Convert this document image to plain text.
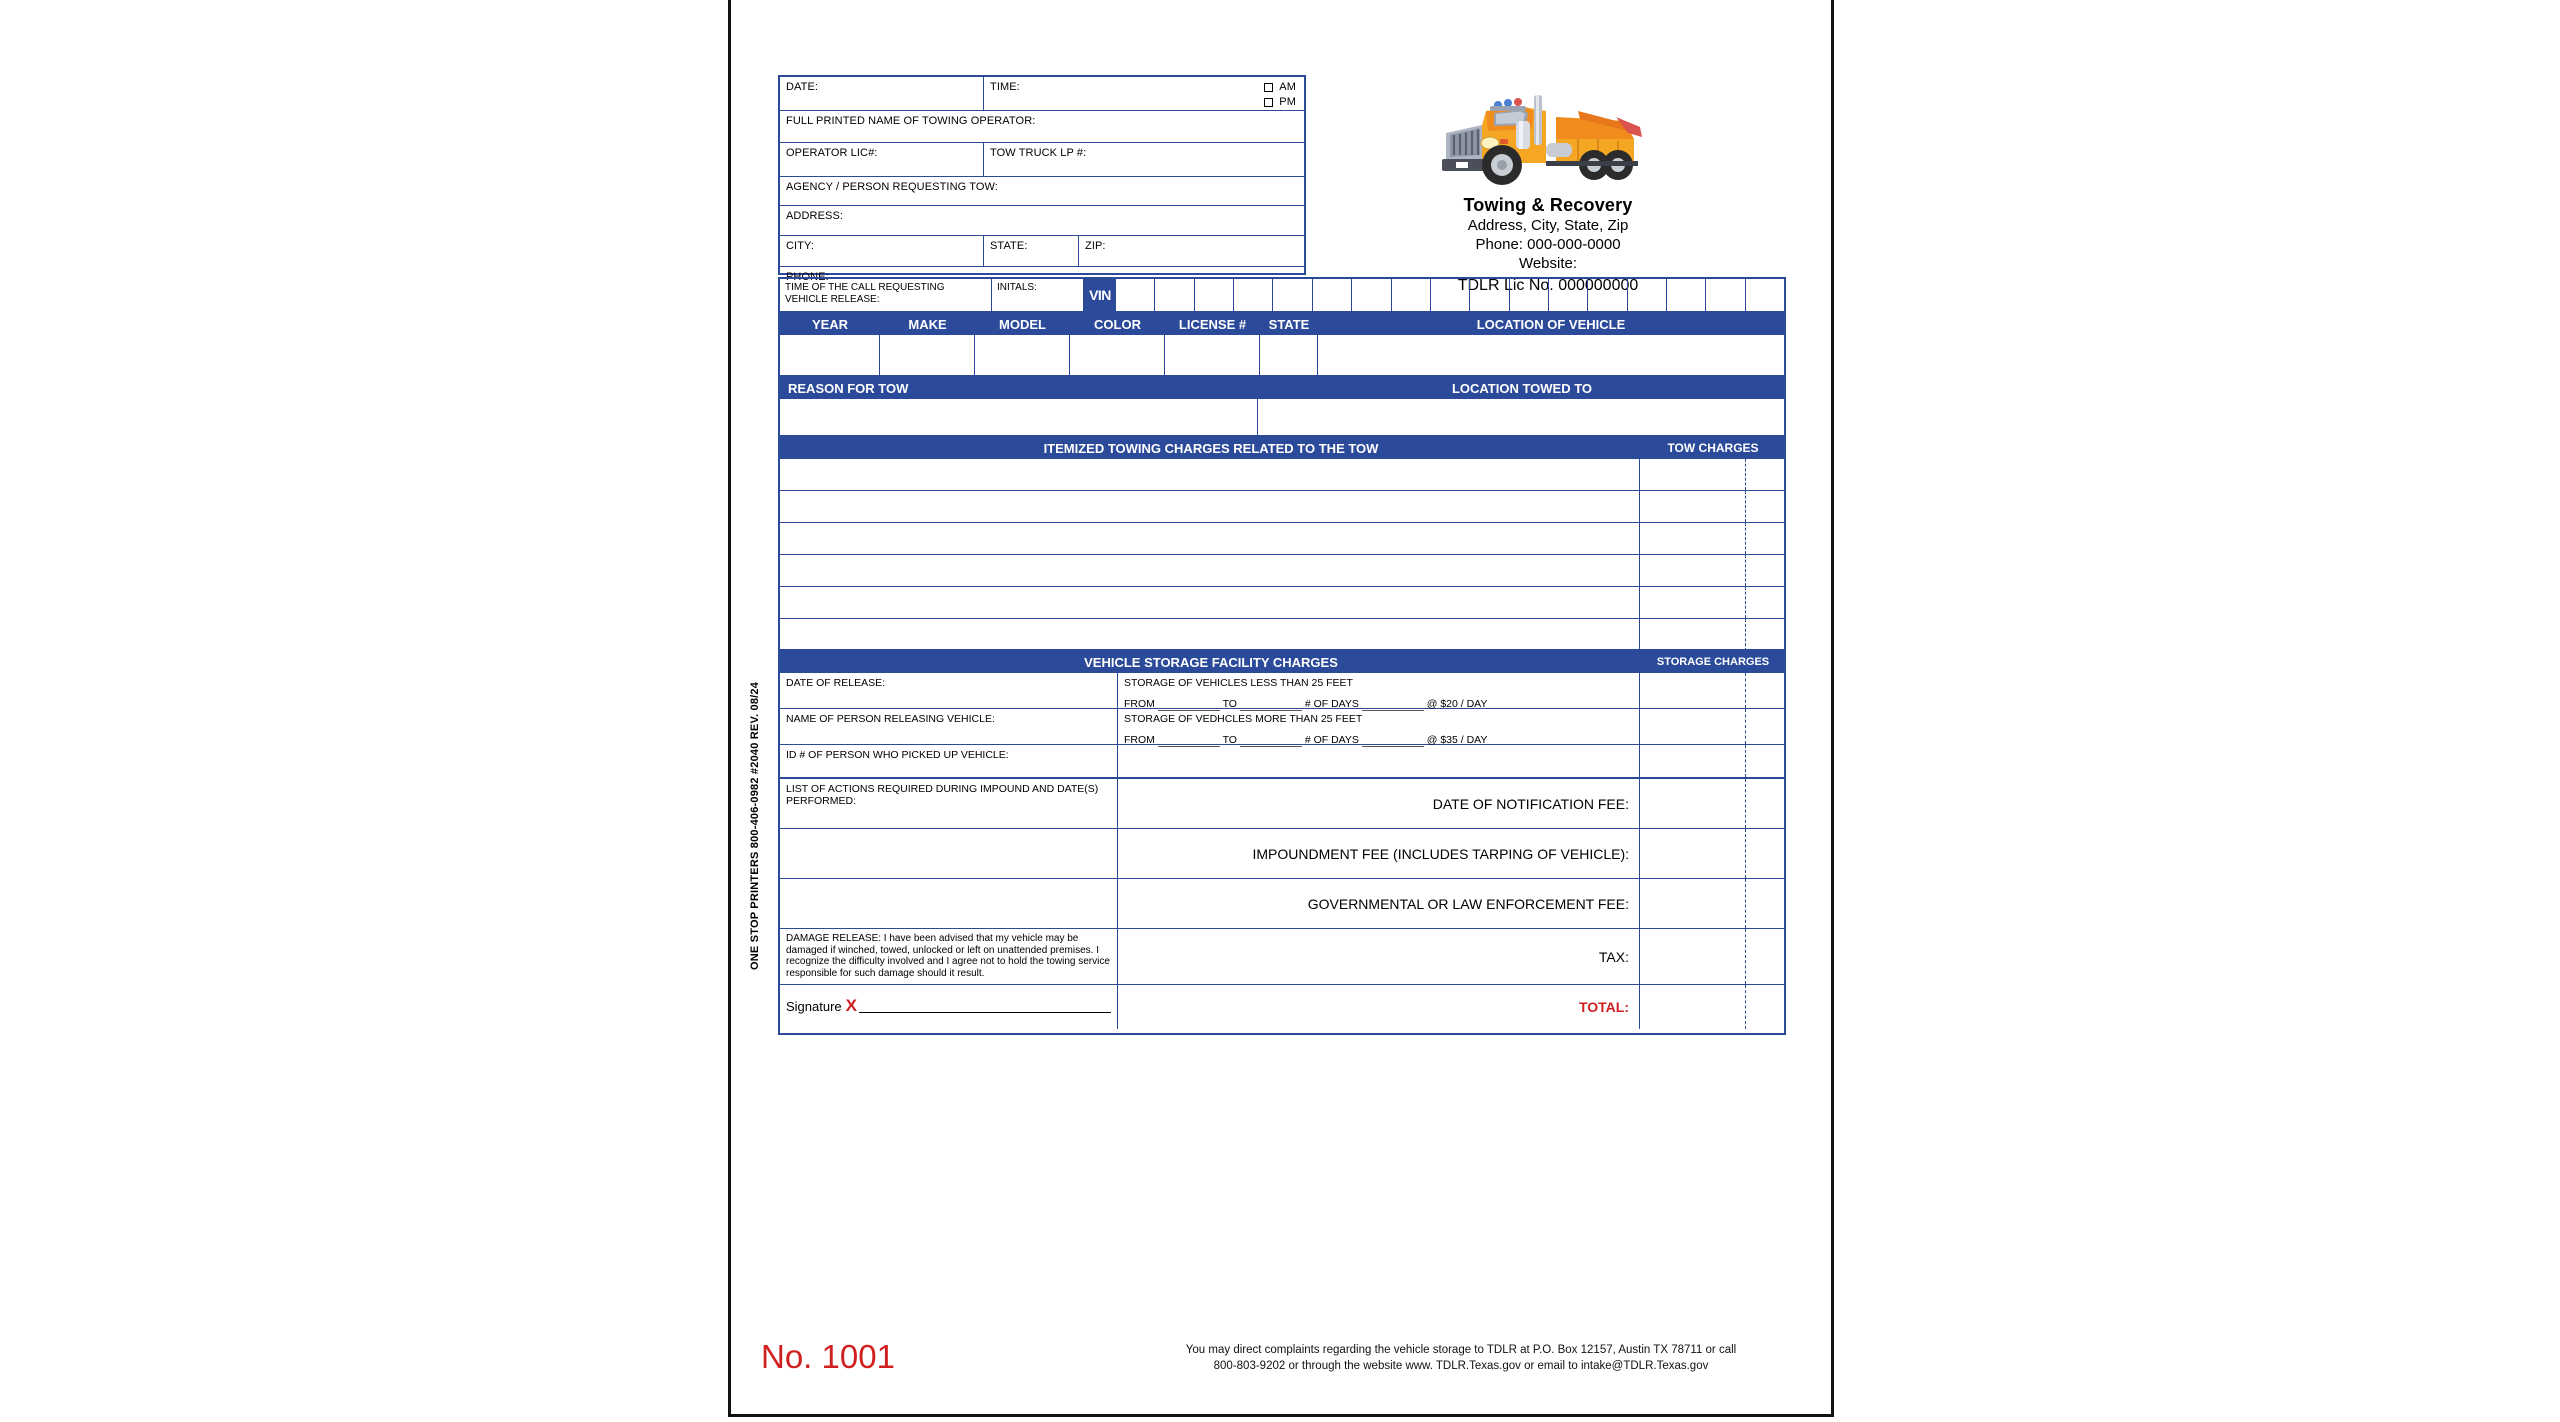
ONE STOP PRINTERS 800-406-0982 #2040 REV. 08/24
DATE:	TIME:	AM
PM
FULL PRINTED NAME OF TOWING OPERATOR:
OPERATOR LIC#:	TOW TRUCK LP #:
AGENCY / PERSON REQUESTING TOW:
ADDRESS:
CITY:	STATE:	ZIP:
PHONE:
Towing & Recovery
Address, City, State, Zip
Phone: 000-000-0000
Website:
TDLR Lic No. 000000000
TIME OF THE CALL REQUESTING
VEHICLE RELEASE:
INITALS:	VIN
YEAR	MAKE	MODEL	COLOR	LICENSE #	STATE	LOCATION OF VEHICLE
REASON FOR TOW	LOCATION TOWED TO
ITEMIZED TOWING CHARGES RELATED TO THE TOW	TOW CHARGES
VEHICLE STORAGE FACILITY CHARGES	STORAGE CHARGES
DATE OF RELEASE:	STORAGE OF VEHICLES LESS THAN 25 FEET
FROM	TO	# OF DAYS	@ $20 / DAY
NAME OF PERSON RELEASING VEHICLE:	STORAGE OF VEDHCLES MORE THAN 25 FEET
FROM	TO	# OF DAYS	@ $35 / DAY
ID # OF PERSON WHO PICKED UP VEHICLE:
LIST OF ACTIONS REQUIRED DURING IMPOUND AND DATE(S) PERFORMED:	DATE OF NOTIFICATION FEE:
IMPOUNDMENT FEE (INCLUDES TARPING OF VEHICLE):
GOVERNMENTAL OR LAW ENFORCEMENT FEE:
DAMAGE RELEASE: I have been advised that my vehicle may be damaged if winched, towed, unlocked or left on unattended premises. I recognize the difficulty involved and I agree not to hold the towing service responsible for such damage should it result.
TAX:
Signature X	TOTAL:
No. 1001	You may direct complaints regarding the vehicle storage to TDLR at P.O. Box 12157, Austin TX 78711 or call
800-803-9202 or through the website www. TDLR.Texas.gov or email to intake@TDLR.Texas.gov
